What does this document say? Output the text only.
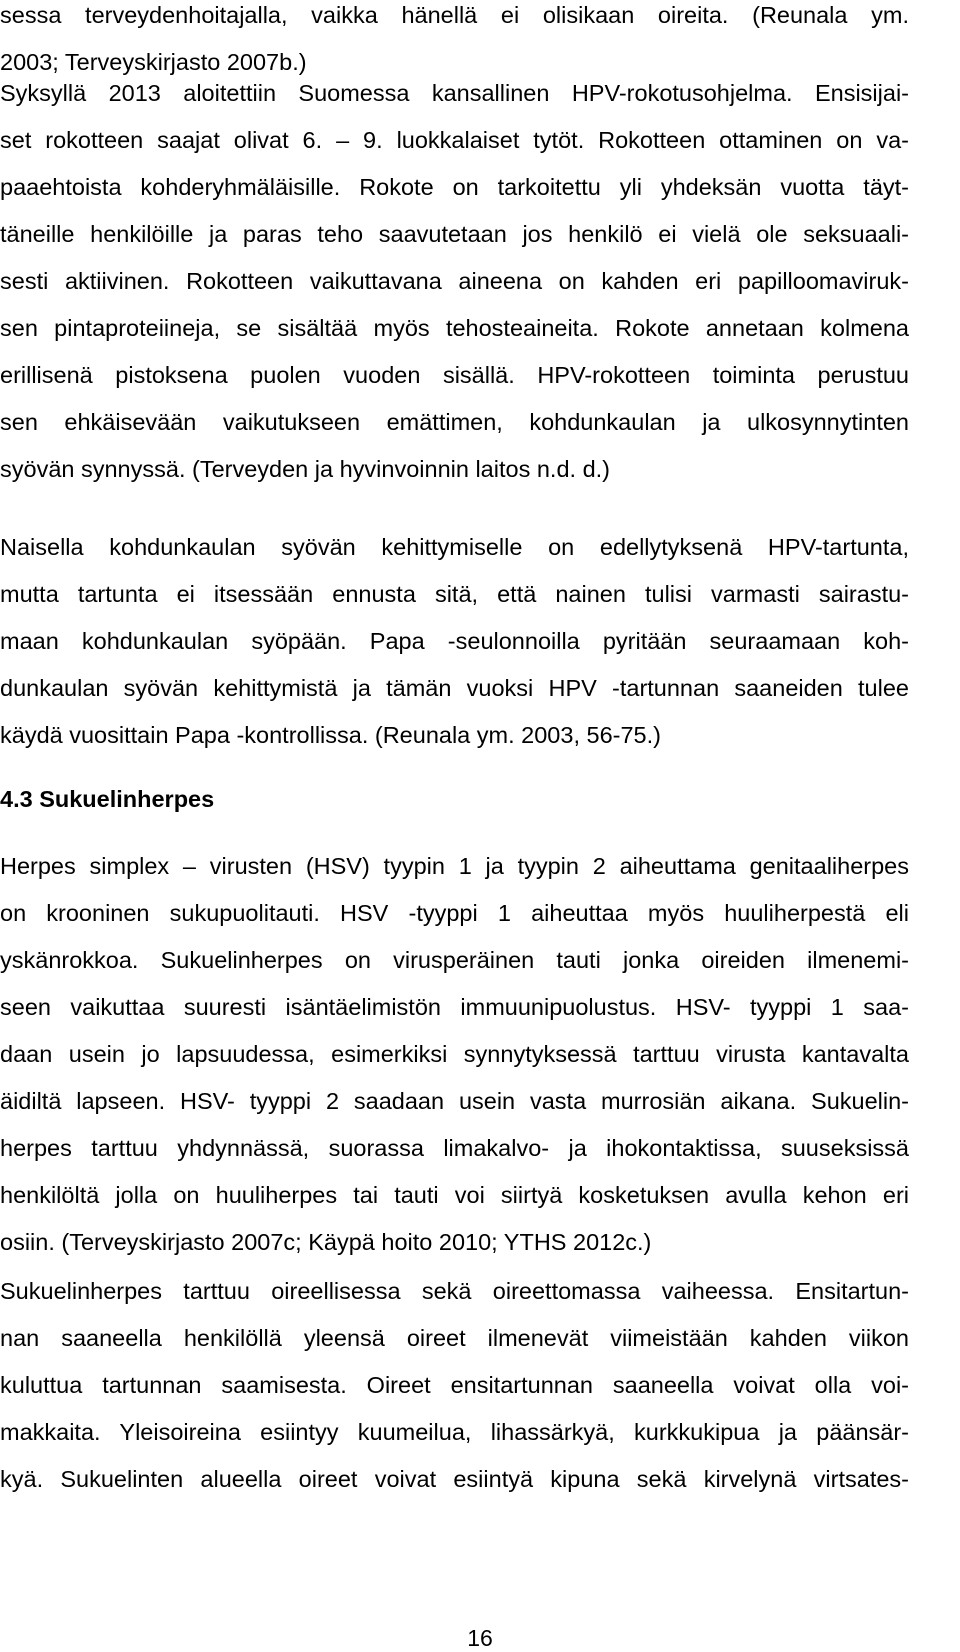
sessa terveydenhoitajalla, vaikka hänellä ei olisikaan oireita. (Reunala ym.
2003; Terveyskirjasto 2007b.)
Syksyllä 2013 aloitettiin Suomessa kansallinen HPV-rokotusohjelma. Ensisijai-
set rokotteen saajat olivat 6. – 9. luokkalaiset tytöt. Rokotteen ottaminen on va-
paaehtoista kohderyhmäläisille. Rokote on tarkoitettu yli yhdeksän vuotta täyt-
täneille henkilöille ja paras teho saavutetaan jos henkilö ei vielä ole seksuaali-
sesti aktiivinen. Rokotteen vaikuttavana aineena on kahden eri papilloomaviruk-
sen pintaproteiineja, se sisältää myös tehosteaineita. Rokote annetaan kolmena
erillisenä pistoksena puolen vuoden sisällä. HPV-rokotteen toiminta perustuu
sen ehkäisevään vaikutukseen emättimen, kohdunkaulan ja ulkosynnytinten
syövän synnyssä. (Terveyden ja hyvinvoinnin laitos n.d. d.)
Naisella kohdunkaulan syövän kehittymiselle on edellytyksenä HPV-tartunta,
mutta tartunta ei itsessään ennusta sitä, että nainen tulisi varmasti sairastu-
maan kohdunkaulan syöpään. Papa -seulonnoilla pyritään seuraamaan koh-
dunkaulan syövän kehittymistä ja tämän vuoksi HPV -tartunnan saaneiden tulee
käydä vuosittain Papa -kontrollissa. (Reunala ym. 2003, 56-75.)
4.3 Sukuelinherpes
Herpes simplex – virusten (HSV) tyypin 1 ja tyypin 2 aiheuttama genitaaliherpes
on krooninen sukupuolitauti. HSV -tyyppi 1 aiheuttaa myös huuliherpestä eli
yskänrokkoa. Sukuelinherpes on virusperäinen tauti jonka oireiden ilmenemi-
seen vaikuttaa suuresti isäntäelimistön immuunipuolustus. HSV- tyyppi 1 saa-
daan usein jo lapsuudessa, esimerkiksi synnytyksessä tarttuu virusta kantavalta
äidiltä lapseen. HSV- tyyppi 2 saadaan usein vasta murrosiän aikana. Sukuelin-
herpes tarttuu yhdynnässä, suorassa limakalvo- ja ihokontaktissa, suuseksissä
henkilöltä jolla on huuliherpes tai tauti voi siirtyä kosketuksen avulla kehon eri
osiin. (Terveyskirjasto 2007c; Käypä hoito 2010; YTHS 2012c.)
Sukuelinherpes tarttuu oireellisessa sekä oireettomassa vaiheessa. Ensitartun-
nan saaneella henkilöllä yleensä oireet ilmenevät viimeistään kahden viikon
kuluttua tartunnan saamisesta. Oireet ensitartunnan saaneella voivat olla voi-
makkaita. Yleisoireina esiintyy kuumeilua, lihassärkyä, kurkkukipua ja päänsär-
kyä. Sukuelinten alueella oireet voivat esiintyä kipuna sekä kirvelynä virtsates-
16
